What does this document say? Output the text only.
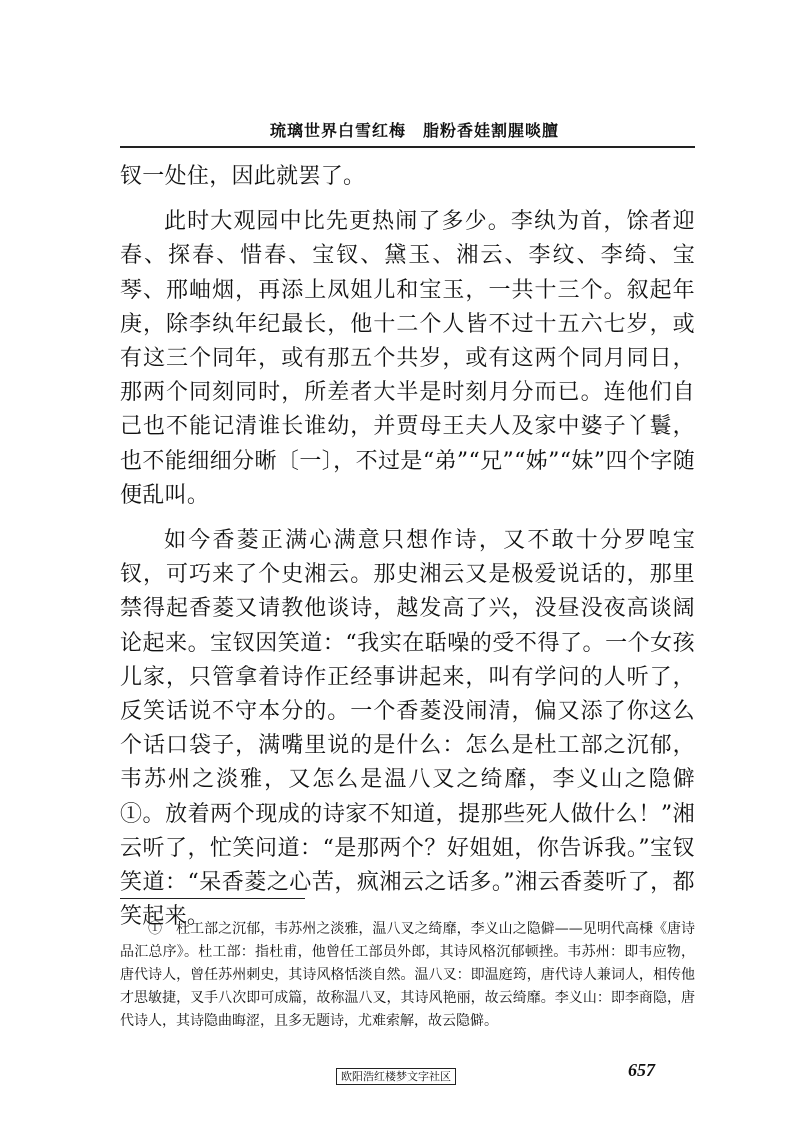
琉璃世界白雪红梅　脂粉香娃割腥啖膻

钗一处住，因此就罢了。

此时大观园中比先更热闹了多少。李纨为首，馀者迎春、探春、惜春、宝钗、黛玉、湘云、李纹、李绮、宝琴、邢岫烟，再添上凤姐儿和宝玉，一共十三个。叙起年庚，除李纨年纪最长，他十二个人皆不过十五六七岁，或有这三个同年，或有那五个共岁，或有这两个同月同日，那两个同刻同时，所差者大半是时刻月分而已。连他们自己也不能记清谁长谁幼，并贾母王夫人及家中婆子丫鬟，也不能细细分晰〔一〕，不过是“弟”“兄”“姊”“妹”四个字随便乱叫。

如今香菱正满心满意只想作诗，又不敢十分罗唣宝钗，可巧来了个史湘云。那史湘云又是极爱说话的，那里禁得起香菱又请教他谈诗，越发高了兴，没昼没夜高谈阔论起来。宝钗因笑道：“我实在聒噪的受不得了。一个女孩儿家，只管拿着诗作正经事讲起来，叫有学问的人听了，反笑话说不守本分的。一个香菱没闹清，偏又添了你这么个话口袋子，满嘴里说的是什么：怎么是杜工部之沉郁，韦苏州之淡雅，又怎么是温八叉之绮靡，李义山之隐僻①。放着两个现成的诗家不知道，提那些死人做什么！”湘云听了，忙笑问道：“是那两个？好姐姐，你告诉我。”宝钗笑道：“呆香菱之心苦，疯湘云之话多。”湘云香菱听了，都笑起来。

①　杜工部之沉郁，韦苏州之淡雅，温八叉之绮靡，李义山之隐僻——见明代高棅《唐诗品汇总序》。杜工部：指杜甫，他曾任工部员外郎，其诗风格沉郁顿挫。韦苏州：即韦应物，唐代诗人，曾任苏州刺史，其诗风格恬淡自然。温八叉：即温庭筠，唐代诗人兼词人，相传他才思敏捷，叉手八次即可成篇，故称温八叉，其诗风艳丽，故云绮靡。李义山：即李商隐，唐代诗人，其诗隐曲晦涩，且多无题诗，尤难索解，故云隐僻。
欧阳浩红楼梦文字社区	657
